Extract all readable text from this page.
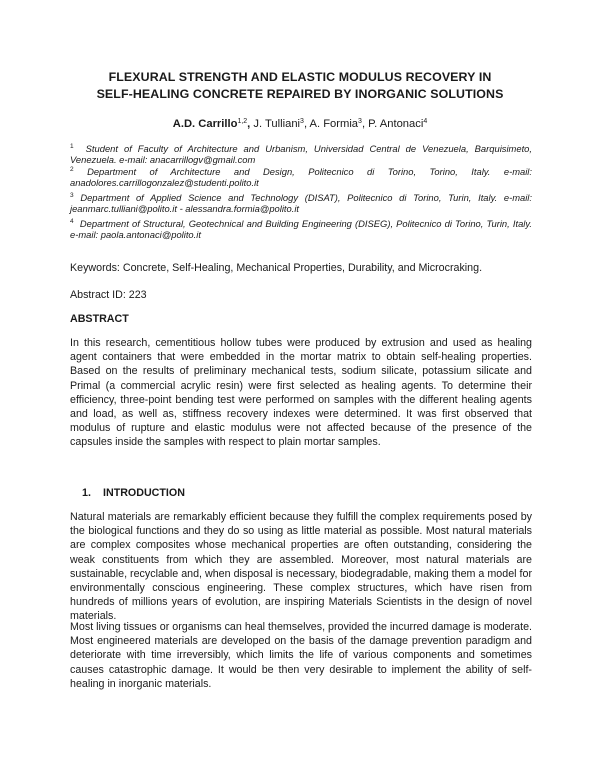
FLEXURAL STRENGTH AND ELASTIC MODULUS RECOVERY IN
SELF-HEALING CONCRETE REPAIRED BY INORGANIC SOLUTIONS
A.D. Carrillo$^{1,2}$, J. Tulliani$^3$, A. Formia$^3$, P. Antonaci$^4$
$^1$ Student of Faculty of Architecture and Urbanism, Universidad Central de Venezuela, Barquisimeto, Venezuela. e-mail: anacarrillogv@gmail.com
$^2$ Department of Architecture and Design, Politecnico di Torino, Torino, Italy. e-mail: anadolores.carrillogonzalez@studenti.polito.it
$^3$ Department of Applied Science and Technology (DISAT), Politecnico di Torino, Turin, Italy. e-mail: jeanmarc.tulliani@polito.it - alessandra.formia@polito.it
$^4$ Department of Structural, Geotechnical and Building Engineering (DISEG), Politecnico di Torino, Turin, Italy. e-mail: paola.antonaci@polito.it
Keywords: Concrete, Self-Healing, Mechanical Properties, Durability, and Microcraking.
Abstract ID: 223
ABSTRACT
In this research, cementitious hollow tubes were produced by extrusion and used as healing agent containers that were embedded in the mortar matrix to obtain self-healing properties. Based on the results of preliminary mechanical tests, sodium silicate, potassium silicate and Primal (a commercial acrylic resin) were first selected as healing agents. To determine their efficiency, three-point bending test were performed on samples with the different healing agents and load, as well as, stiffness recovery indexes were determined. It was first observed that modulus of rupture and elastic modulus were not affected because of the presence of the capsules inside the samples with respect to plain mortar samples.
1. INTRODUCTION
Natural materials are remarkably efficient because they fulfill the complex requirements posed by the biological functions and they do so using as little material as possible. Most natural materials are complex composites whose mechanical properties are often outstanding, considering the weak constituents from which they are assembled. Moreover, most natural materials are sustainable, recyclable and, when disposal is necessary, biodegradable, making them a model for environmentally conscious engineering. These complex structures, which have risen from hundreds of millions years of evolution, are inspiring Materials Scientists in the design of novel materials.
Most living tissues or organisms can heal themselves, provided the incurred damage is moderate. Most engineered materials are developed on the basis of the damage prevention paradigm and deteriorate with time irreversibly, which limits the life of various components and sometimes causes catastrophic damage. It would be then very desirable to implement the ability of self-healing in inorganic materials.
